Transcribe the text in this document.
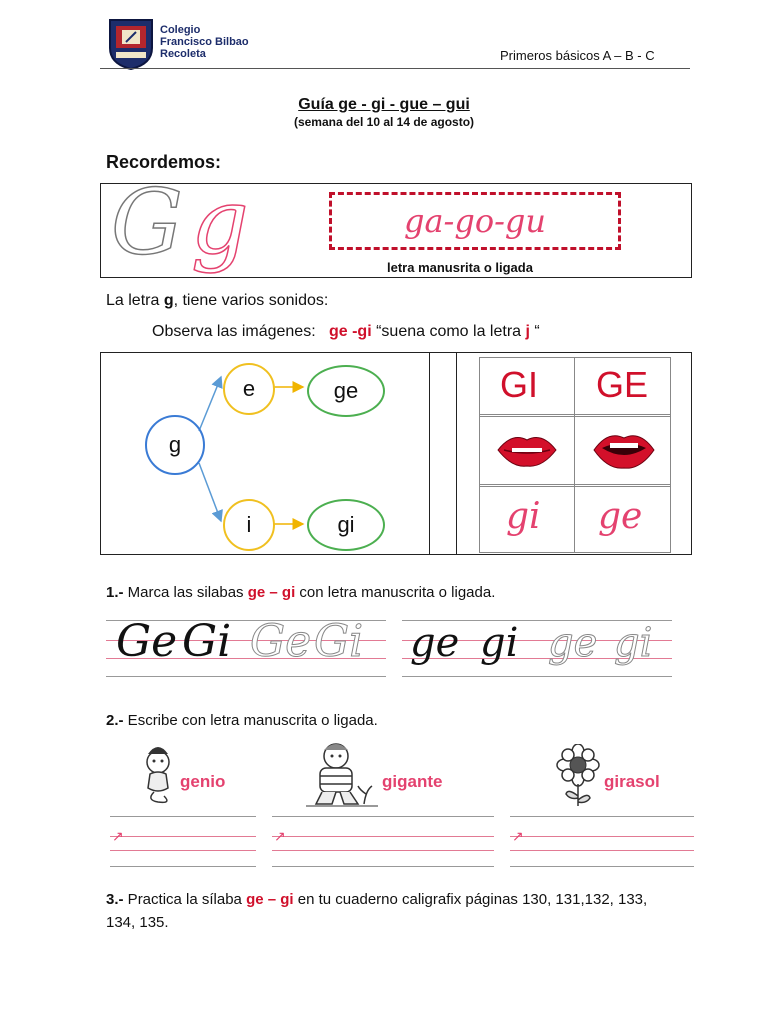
Colegio
Francisco Bilbao
Recoleta	Primeros básicos A – B - C
Guía ge - gi - gue – gui
(semana del 10 al 14 de agosto)
Recordemos:
G g	ga-go-gu
letra manusrita o ligada
La letra g, tiene varios sonidos:
Observa las imágenes:   ge -gi “suena como la letra j “
g
e
i
ge
gi
GI GE
gi ge
1.- Marca las silabas ge – gi con letra manuscrita o ligada.
Ge Gi Ge Gi ge gi ge gi
2.- Escribe con letra manuscrita o ligada.
genio	gigante	girasol
↗	↗	↗
3.- Practica la sílaba ge – gi en tu cuaderno caligrafix páginas 130, 131,132, 133,
134, 135.
